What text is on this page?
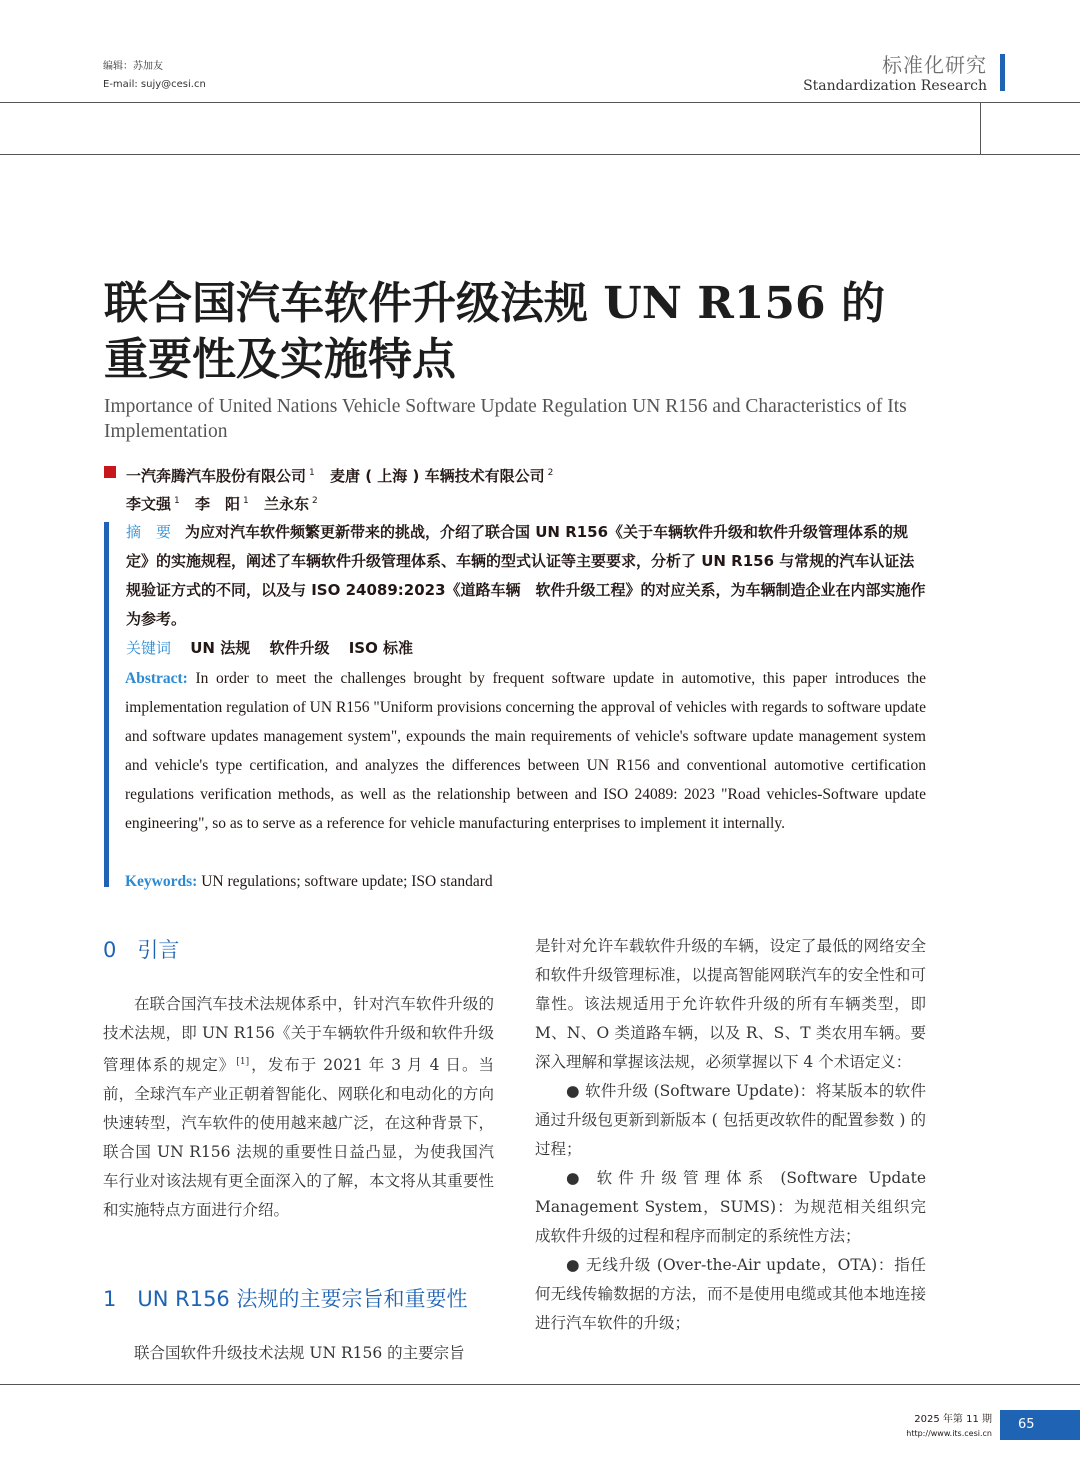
编辑：苏加友
E-mail: sujy@cesi.cn
标准化研究
Standardization Research
联合国汽车软件升级法规 UN R156 的
重要性及实施特点
Importance of United Nations Vehicle Software Update Regulation UN R156 and Characteristics of Its Implementation
一汽奔腾汽车股份有限公司 $^1$ 麦唐 ( 上海 ) 车辆技术有限公司 $^2$
李文强 $^1$ 李　阳 $^1$ 兰永东 $^2$
摘　要 为应对汽车软件频繁更新带来的挑战，介绍了联合国 UN R156《关于车辆软件升级和软件升级管理体系的规定》的实施规程，阐述了车辆软件升级管理体系、车辆的型式认证等主要要求，分析了 UN R156 与常规的汽车认证法规验证方式的不同，以及与 ISO 24089:2023《道路车辆　软件升级工程》的对应关系，为车辆制造企业在内部实施作为参考。
关键词 UN 法规 软件升级 ISO 标准
Abstract: In order to meet the challenges brought by frequent software update in automotive, this paper introduces the implementation regulation of UN R156 "Uniform provisions concerning the approval of vehicles with regards to software update and software updates management system", expounds the main requirements of vehicle's software update management system and vehicle's type certification, and analyzes the differences between UN R156 and conventional automotive certification regulations verification methods, as well as the relationship between and ISO 24089: 2023 "Road vehicles-Software update engineering", so as to serve as a reference for vehicle manufacturing enterprises to implement it internally.
Keywords: UN regulations; software update; ISO standard
0　引言

在联合国汽车技术法规体系中，针对汽车软件升级的技术法规，即 UN R156《关于车辆软件升级和软件升级管理体系的规定》[1]，发布于 2021 年 3 月 4 日。当前，全球汽车产业正朝着智能化、网联化和电动化的方向快速转型，汽车软件的使用越来越广泛，在这种背景下，联合国 UN R156 法规的重要性日益凸显，为使我国汽车行业对该法规有更全面深入的了解，本文将从其重要性和实施特点方面进行介绍。

1　UN R156 法规的主要宗旨和重要性

联合国软件升级技术法规 UN R156 的主要宗旨

是针对允许车载软件升级的车辆，设定了最低的网络安全和软件升级管理标准，以提高智能网联汽车的安全性和可靠性。该法规适用于允许软件升级的所有车辆类型，即 M、N、O 类道路车辆，以及 R、S、T 类农用车辆。要深入理解和掌握该法规，必须掌握以下 4 个术语定义：

● 软件升级 (Software Update)：将某版本的软件通过升级包更新到新版本 ( 包括更改软件的配置参数 ) 的过程；

● 软件升级管理体系 (Software Update Management System，SUMS)：为规范相关组织完成软件升级的过程和程序而制定的系统性方法；

● 无线升级 (Over-the-Air update，OTA)：指任何无线传输数据的方法，而不是使用电缆或其他本地连接进行汽车软件的升级；

2025 年第 11 期
http://www.its.cesi.cn
65
